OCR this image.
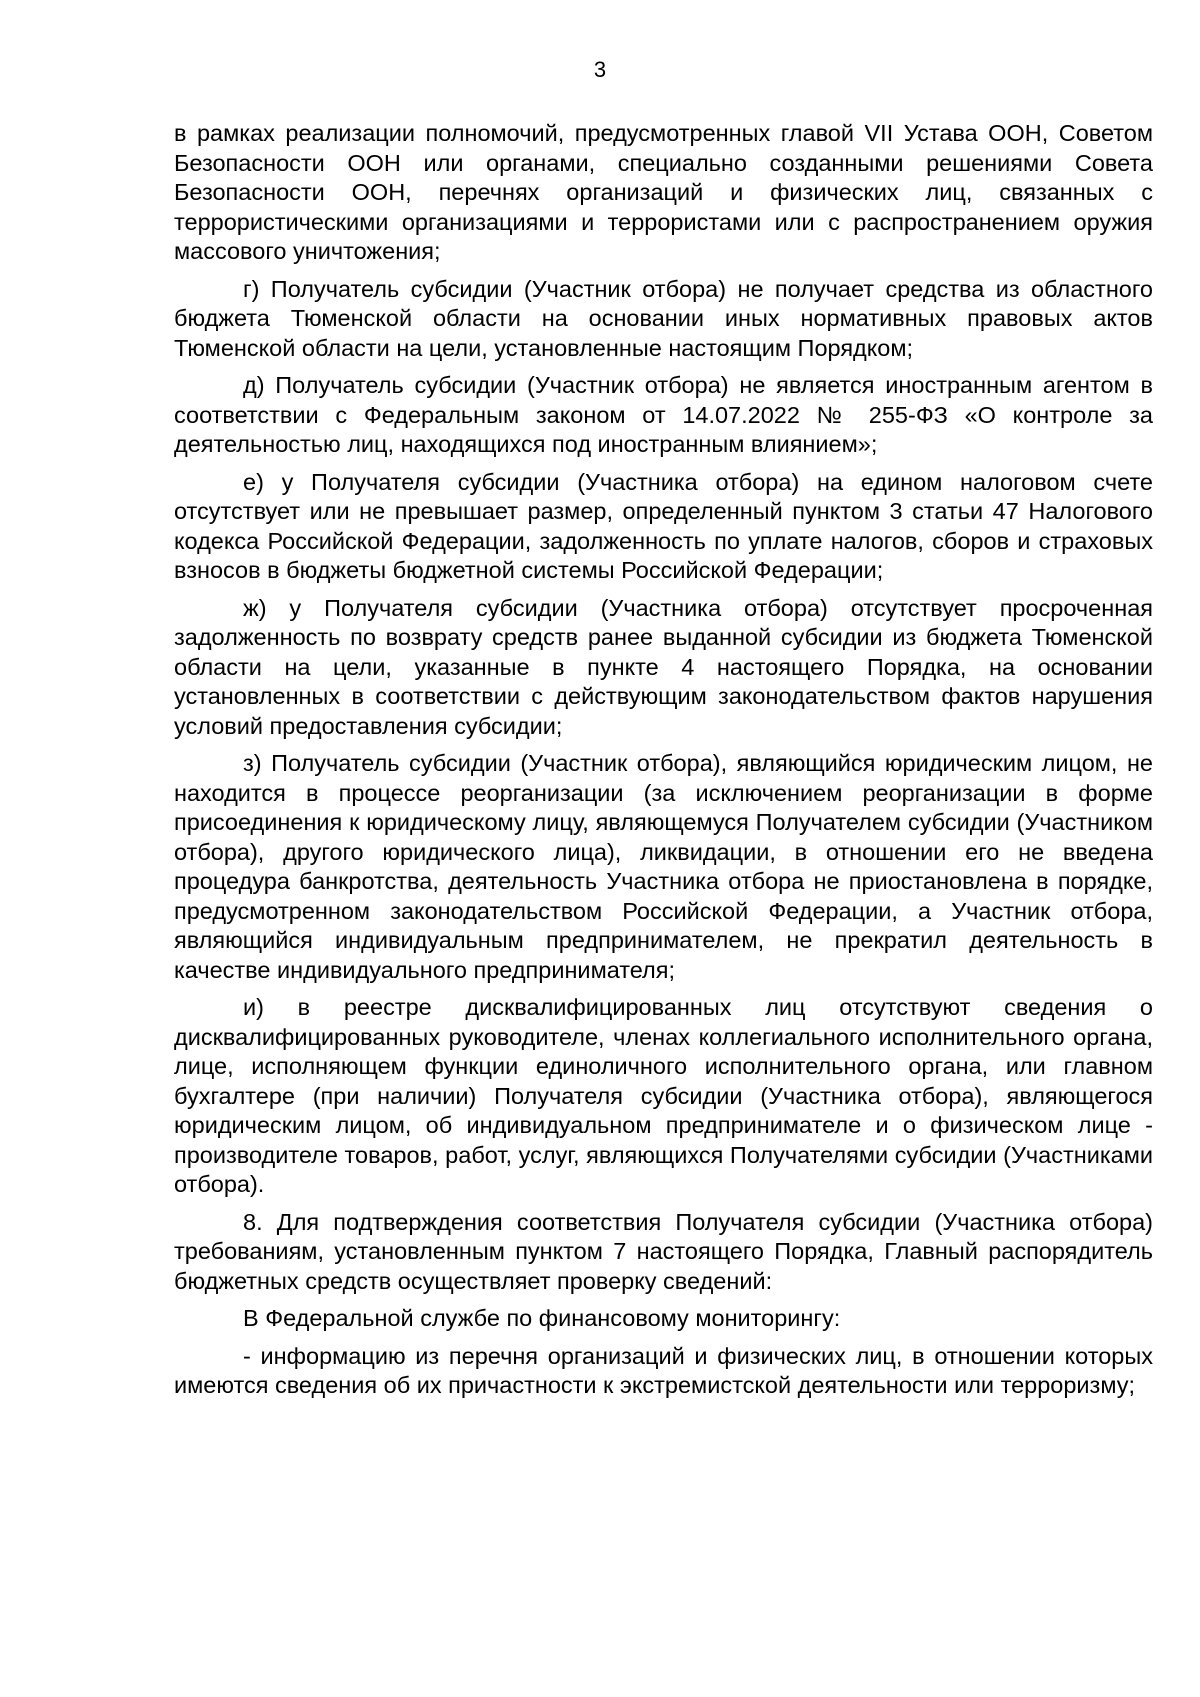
3

в рамках реализации полномочий, предусмотренных главой VII Устава ООН, Советом Безопасности ООН или органами, специально созданными решениями Совета Безопасности ООН, перечнях организаций и физических лиц, связанных с террористическими организациями и террористами или с распространением оружия массового уничтожения;

г) Получатель субсидии (Участник отбора) не получает средства из областного бюджета Тюменской области на основании иных нормативных правовых актов Тюменской области на цели, установленные настоящим Порядком;

д) Получатель субсидии (Участник отбора) не является иностранным агентом в соответствии с Федеральным законом от 14.07.2022 № 255-ФЗ «О контроле за деятельностью лиц, находящихся под иностранным влиянием»;

е) у Получателя субсидии (Участника отбора) на едином налоговом счете отсутствует или не превышает размер, определенный пунктом 3 статьи 47 Налогового кодекса Российской Федерации, задолженность по уплате налогов, сборов и страховых взносов в бюджеты бюджетной системы Российской Федерации;

ж) у Получателя субсидии (Участника отбора) отсутствует просроченная задолженность по возврату средств ранее выданной субсидии из бюджета Тюменской области на цели, указанные в пункте 4 настоящего Порядка, на основании установленных в соответствии с действующим законодательством фактов нарушения условий предоставления субсидии;

з) Получатель субсидии (Участник отбора), являющийся юридическим лицом, не находится в процессе реорганизации (за исключением реорганизации в форме присоединения к юридическому лицу, являющемуся Получателем субсидии (Участником отбора), другого юридического лица), ликвидации, в отношении его не введена процедура банкротства, деятельность Участника отбора не приостановлена в порядке, предусмотренном законодательством Российской Федерации, а Участник отбора, являющийся индивидуальным предпринимателем, не прекратил деятельность в качестве индивидуального предпринимателя;

и) в реестре дисквалифицированных лиц отсутствуют сведения о дисквалифицированных руководителе, членах коллегиального исполнительного органа, лице, исполняющем функции единоличного исполнительного органа, или главном бухгалтере (при наличии) Получателя субсидии (Участника отбора), являющегося юридическим лицом, об индивидуальном предпринимателе и о физическом лице - производителе товаров, работ, услуг, являющихся Получателями субсидии (Участниками отбора).

8. Для подтверждения соответствия Получателя субсидии (Участника отбора) требованиям, установленным пунктом 7 настоящего Порядка, Главный распорядитель бюджетных средств осуществляет проверку сведений:

В Федеральной службе по финансовому мониторингу:

- информацию из перечня организаций и физических лиц, в отношении которых имеются сведения об их причастности к экстремистской деятельности или терроризму;
